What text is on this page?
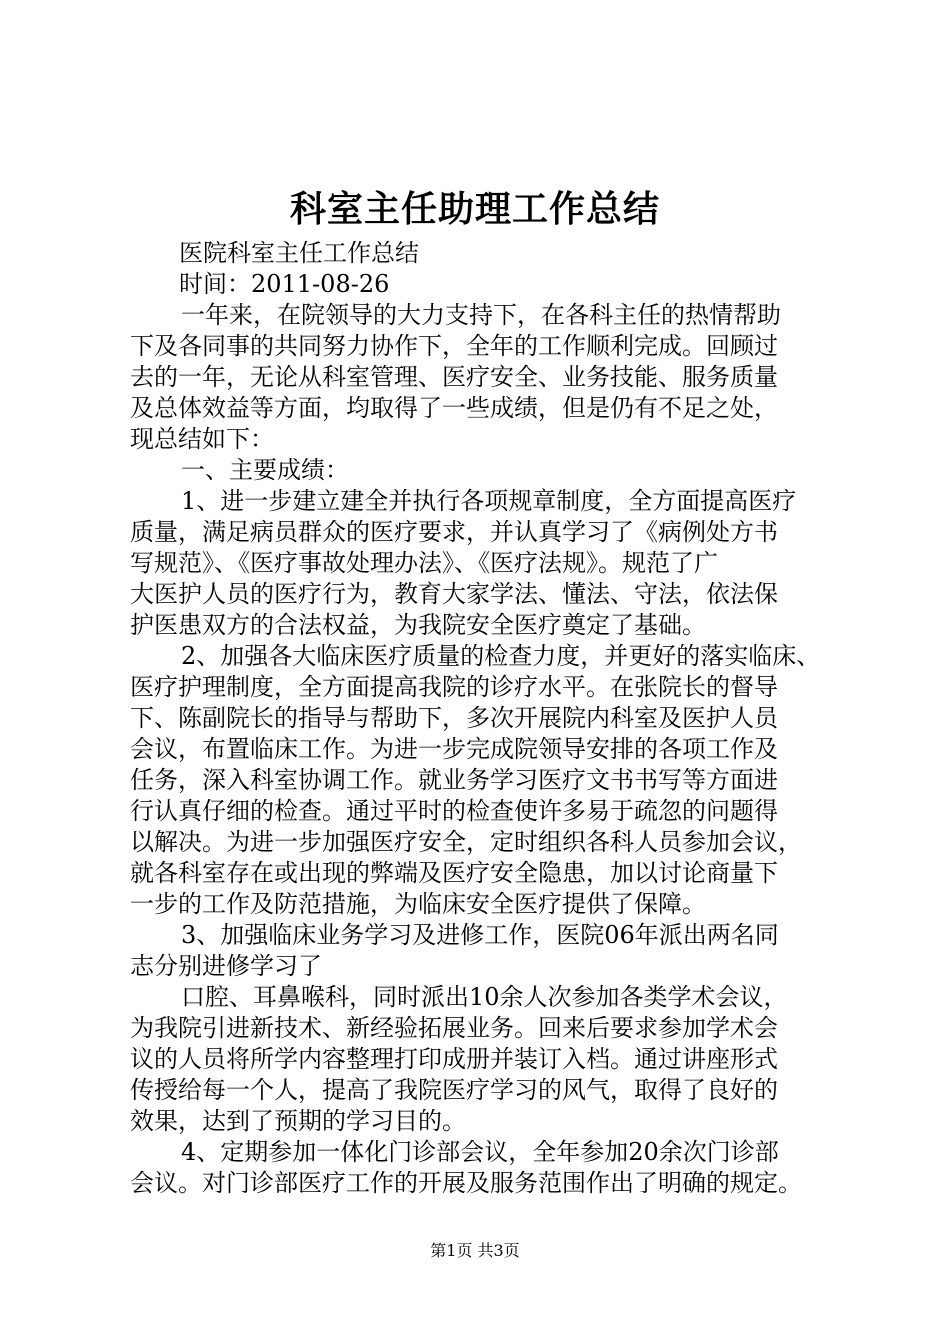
科室主任助理工作总结
医院科室主任工作总结
时间：2011-08-26
一年来，在院领导的大力支持下，在各科主任的热情帮助
下及各同事的共同努力协作下，全年的工作顺利完成。回顾过
去的一年，无论从科室管理、医疗安全、业务技能、服务质量
及总体效益等方面，均取得了一些成绩，但是仍有不足之处，
现总结如下：
一、主要成绩：
1、进一步建立建全并执行各项规章制度，全方面提高医疗
质量，满足病员群众的医疗要求，并认真学习了《病例处方书
写规范》、《医疗事故处理办法》、《医疗法规》。规范了广
大医护人员的医疗行为，教育大家学法、懂法、守法，依法保
护医患双方的合法权益，为我院安全医疗奠定了基础。
2、加强各大临床医疗质量的检查力度，并更好的落实临床、
医疗护理制度，全方面提高我院的诊疗水平。在张院长的督导
下、陈副院长的指导与帮助下，多次开展院内科室及医护人员
会议，布置临床工作。为进一步完成院领导安排的各项工作及
任务，深入科室协调工作。就业务学习医疗文书书写等方面进
行认真仔细的检查。通过平时的检查使许多易于疏忽的问题得
以解决。为进一步加强医疗安全，定时组织各科人员参加会议，
就各科室存在或出现的弊端及医疗安全隐患，加以讨论商量下
一步的工作及防范措施，为临床安全医疗提供了保障。
3、加强临床业务学习及进修工作，医院06年派出两名同
志分别进修学习了
口腔、耳鼻喉科，同时派出10余人次参加各类学术会议，
为我院引进新技术、新经验拓展业务。回来后要求参加学术会
议的人员将所学内容整理打印成册并装订入档。通过讲座形式
传授给每一个人，提高了我院医疗学习的风气，取得了良好的
效果，达到了预期的学习目的。
4、定期参加一体化门诊部会议，全年参加20余次门诊部
会议。对门诊部医疗工作的开展及服务范围作出了明确的规定。
第1页 共3页
